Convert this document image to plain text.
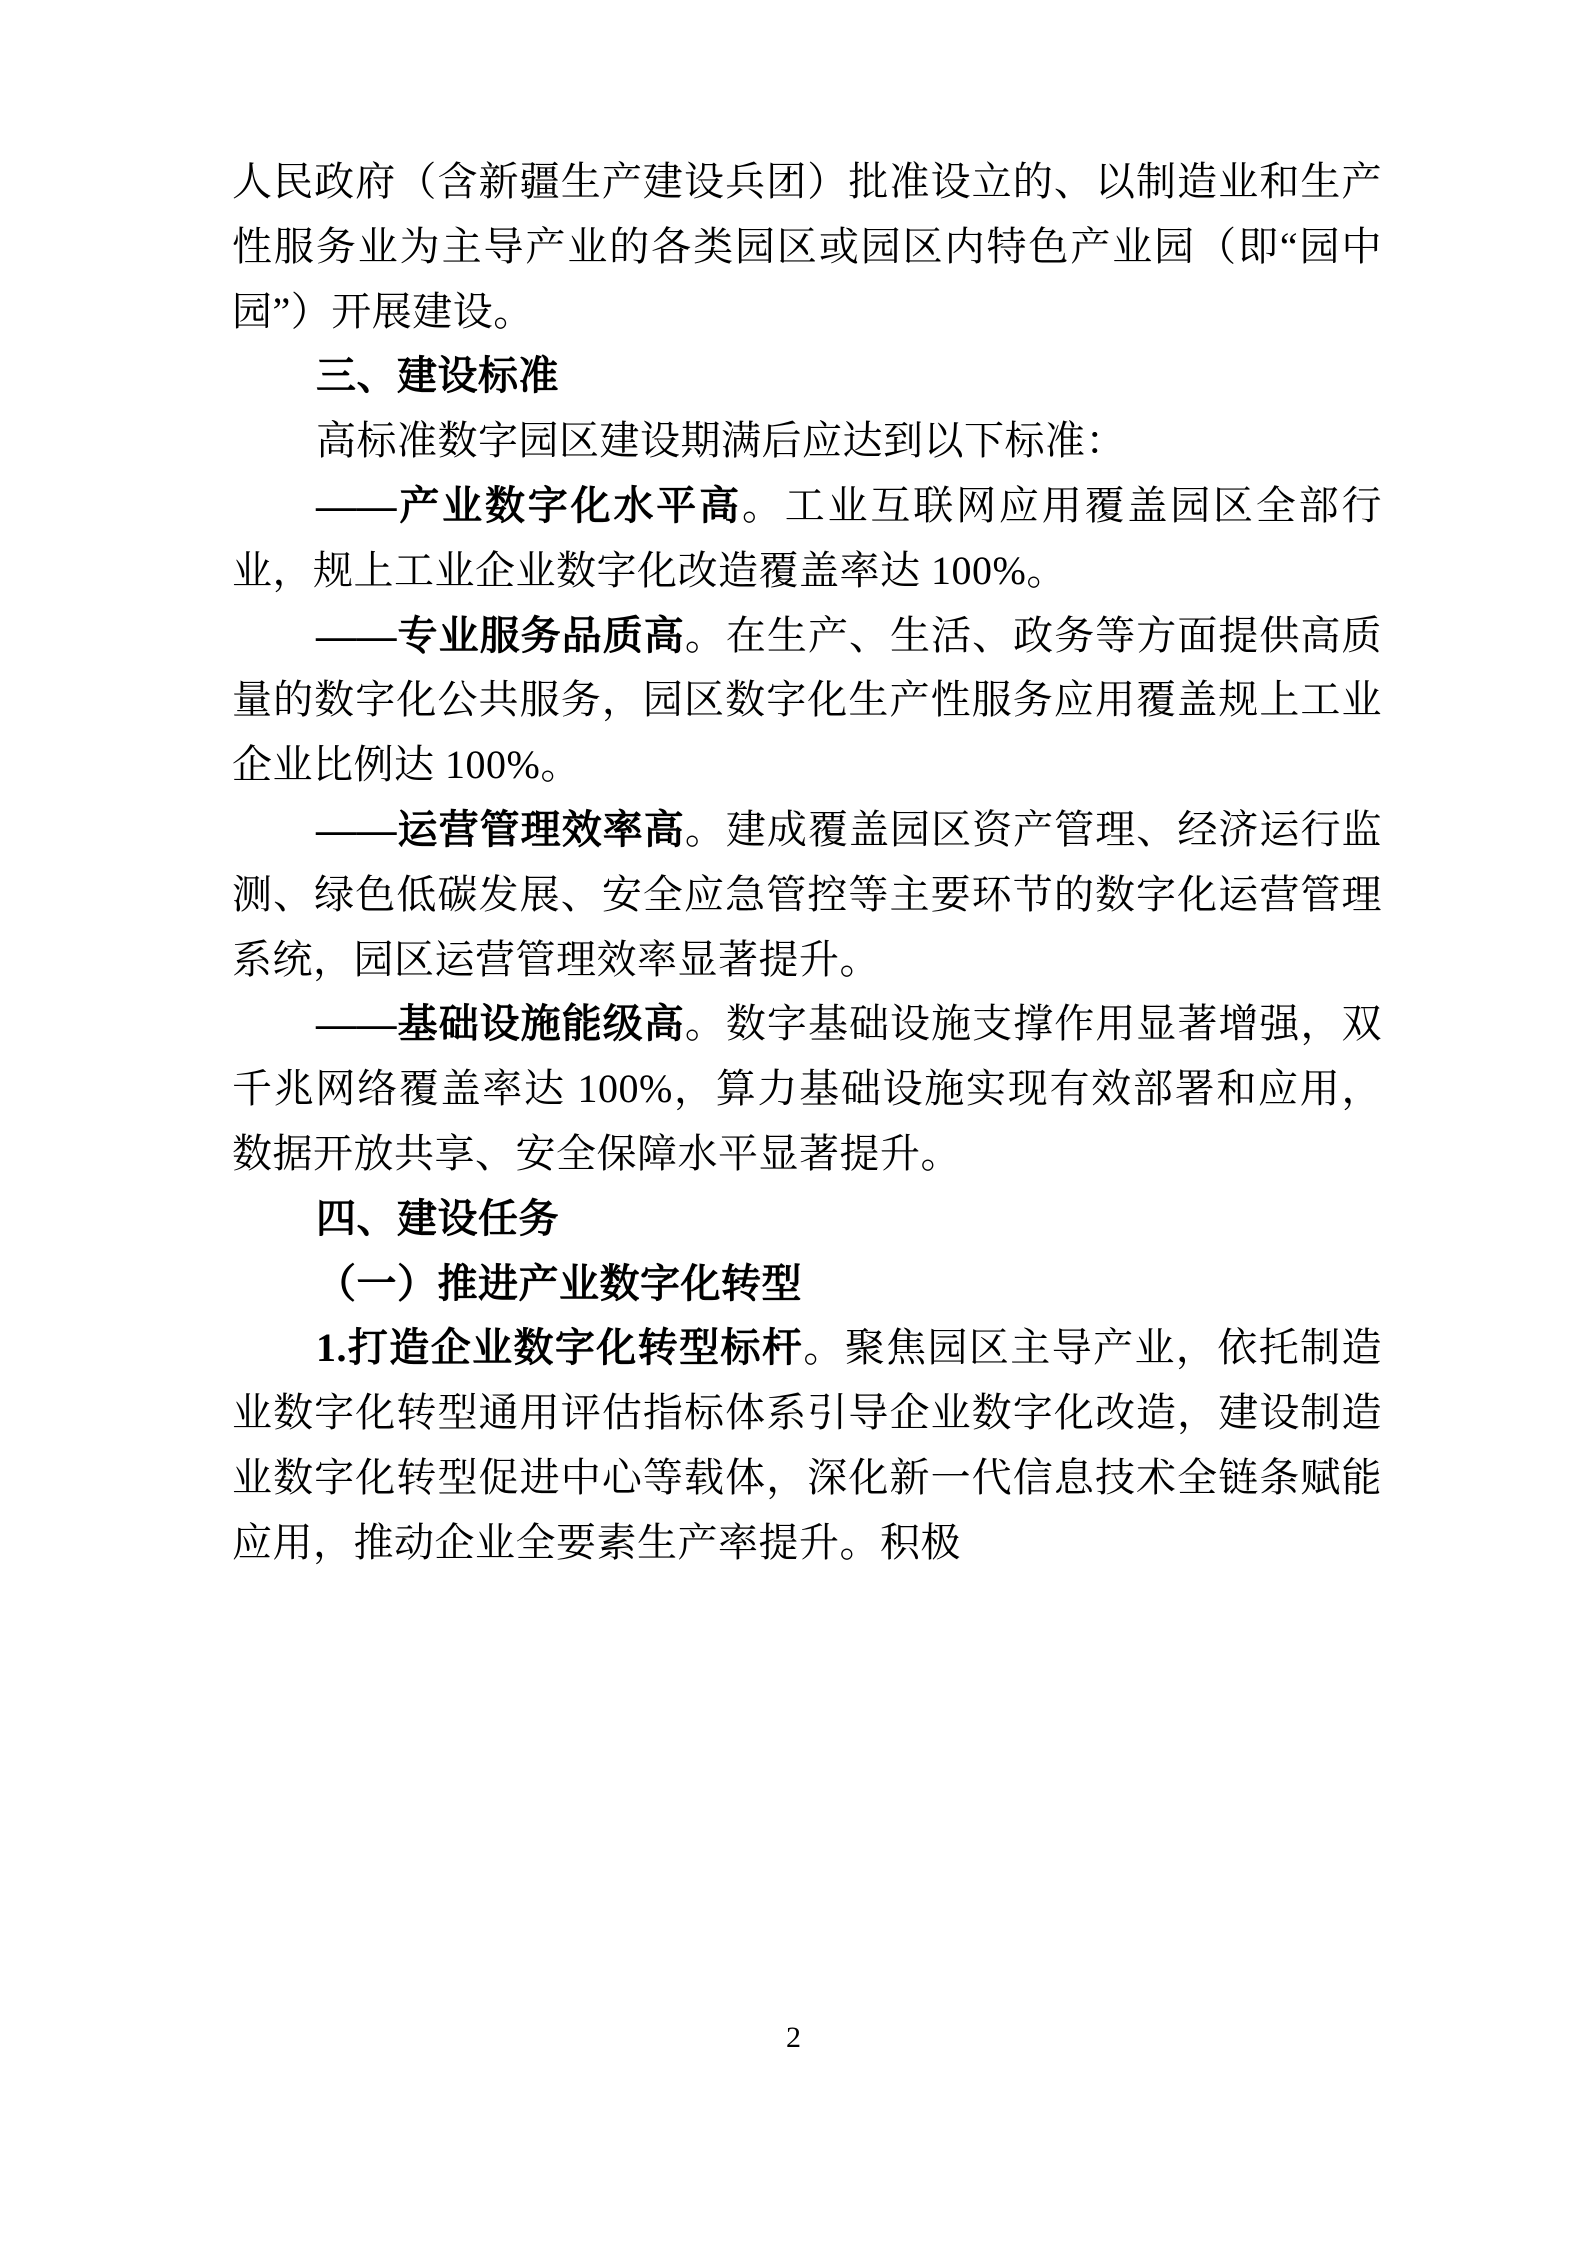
人民政府（含新疆生产建设兵团）批准设立的、以制造业和生产性服务业为主导产业的各类园区或园区内特色产业园（即“园中园”）开展建设。

三、建设标准

高标准数字园区建设期满后应达到以下标准：

——产业数字化水平高。工业互联网应用覆盖园区全部行业，规上工业企业数字化改造覆盖率达 100%。

——专业服务品质高。在生产、生活、政务等方面提供高质量的数字化公共服务，园区数字化生产性服务应用覆盖规上工业企业比例达 100%。

——运营管理效率高。建成覆盖园区资产管理、经济运行监测、绿色低碳发展、安全应急管控等主要环节的数字化运营管理系统，园区运营管理效率显著提升。

——基础设施能级高。数字基础设施支撑作用显著增强，双千兆网络覆盖率达 100%，算力基础设施实现有效部署和应用，数据开放共享、安全保障水平显著提升。

四、建设任务

（一）推进产业数字化转型

1.打造企业数字化转型标杆。聚焦园区主导产业，依托制造业数字化转型通用评估指标体系引导企业数字化改造，建设制造业数字化转型促进中心等载体，深化新一代信息技术全链条赋能应用，推动企业全要素生产率提升。积极

2
